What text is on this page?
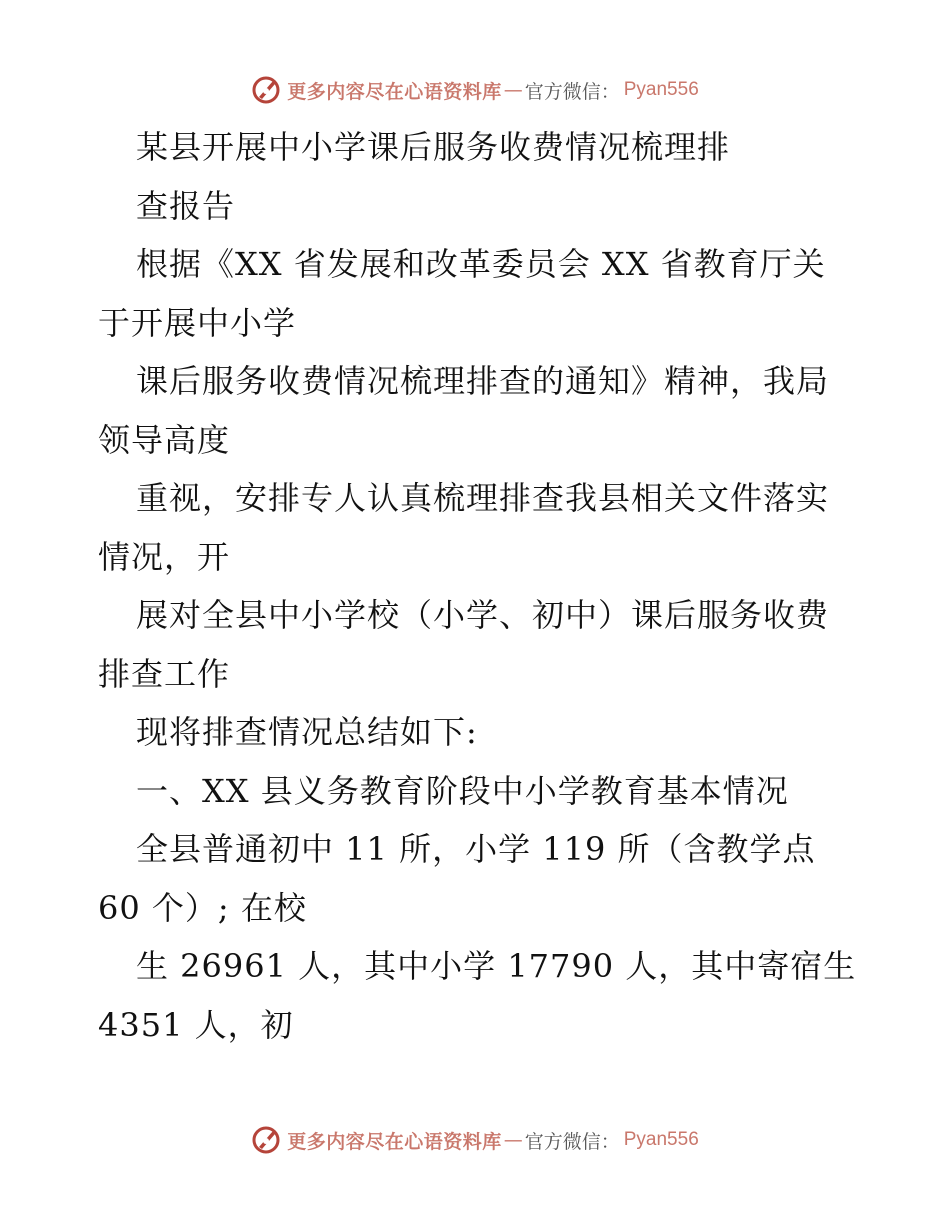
更多内容尽在心语资料库 — 官方微信： Pyan556
某县开展中小学课后服务收费情况梳理排
查报告
根据《XX 省发展和改革委员会 XX 省教育厅关
于开展中小学
课后服务收费情况梳理排查的通知》精神，我局
领导高度
重视，安排专人认真梳理排查我县相关文件落实
情况，开
展对全县中小学校（小学、初中）课后服务收费
排查工作
现将排查情况总结如下:
一、XX 县义务教育阶段中小学教育基本情况
全县普通初中 11 所，小学 119 所（含教学点
60 个）; 在校
生 26961 人，其中小学 17790 人，其中寄宿生
4351 人，初
更多内容尽在心语资料库 — 官方微信： Pyan556
